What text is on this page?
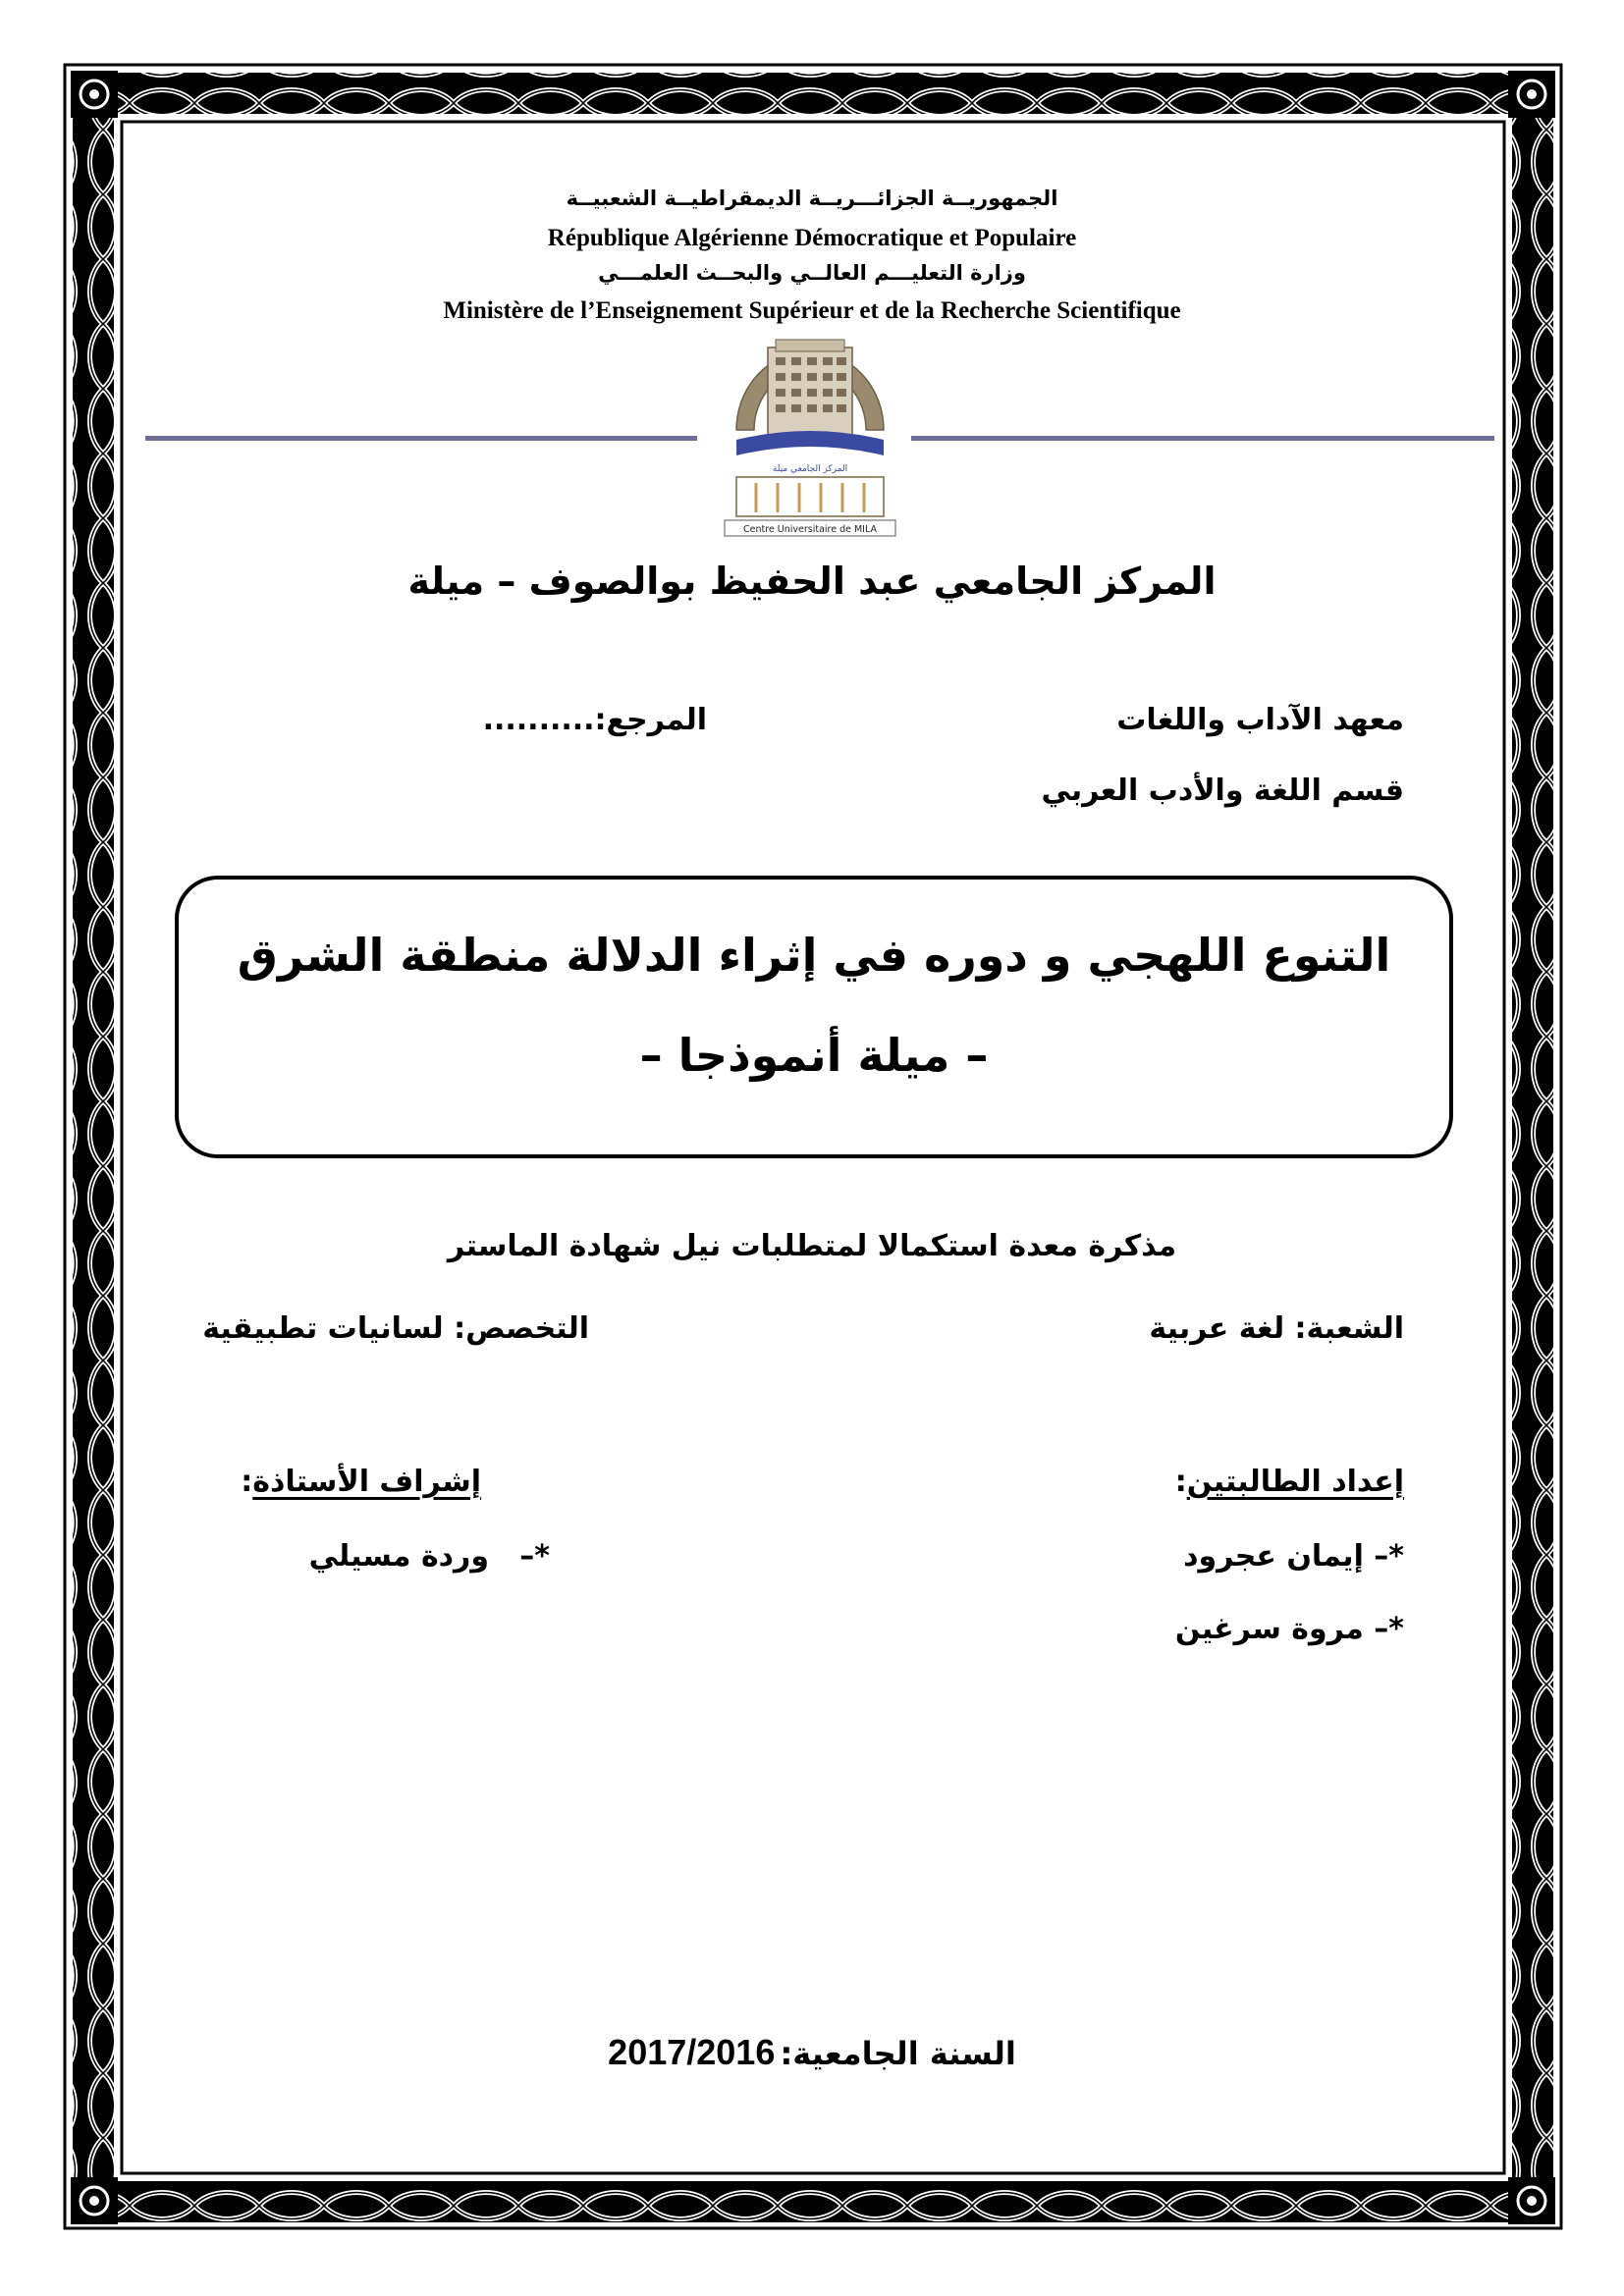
الجمهوريــة الجزائـــريــة الديمقراطيــة الشعبيــة
République Algérienne Démocratique et Populaire
وزارة التعليـــم العالــي والبحــث العلمـــي
Ministère de l’Enseignement Supérieur et de la Recherche Scientifique
المركز الجامعي ميلة
Centre Universitaire de MILA
المركز الجامعي عبد الحفيظ بوالصوف – ميلة
معهد الآداب واللغات
المرجع:..........
قسم اللغة والأدب العربي
التنوع اللهجي و دوره في إثراء الدلالة منطقة الشرق
– ميلة أنموذجا –
مذكرة معدة استكمالا لمتطلبات نيل شهادة الماستر
الشعبة: لغة عربية
التخصص: لسانيات تطبيقية
إعداد الطالبتين:
*– إيمان عجرود
*– مروة سرغين
إشراف الأستاذة:
*–   وردة مسيلي
السنة الجامعية: 2017/2016
